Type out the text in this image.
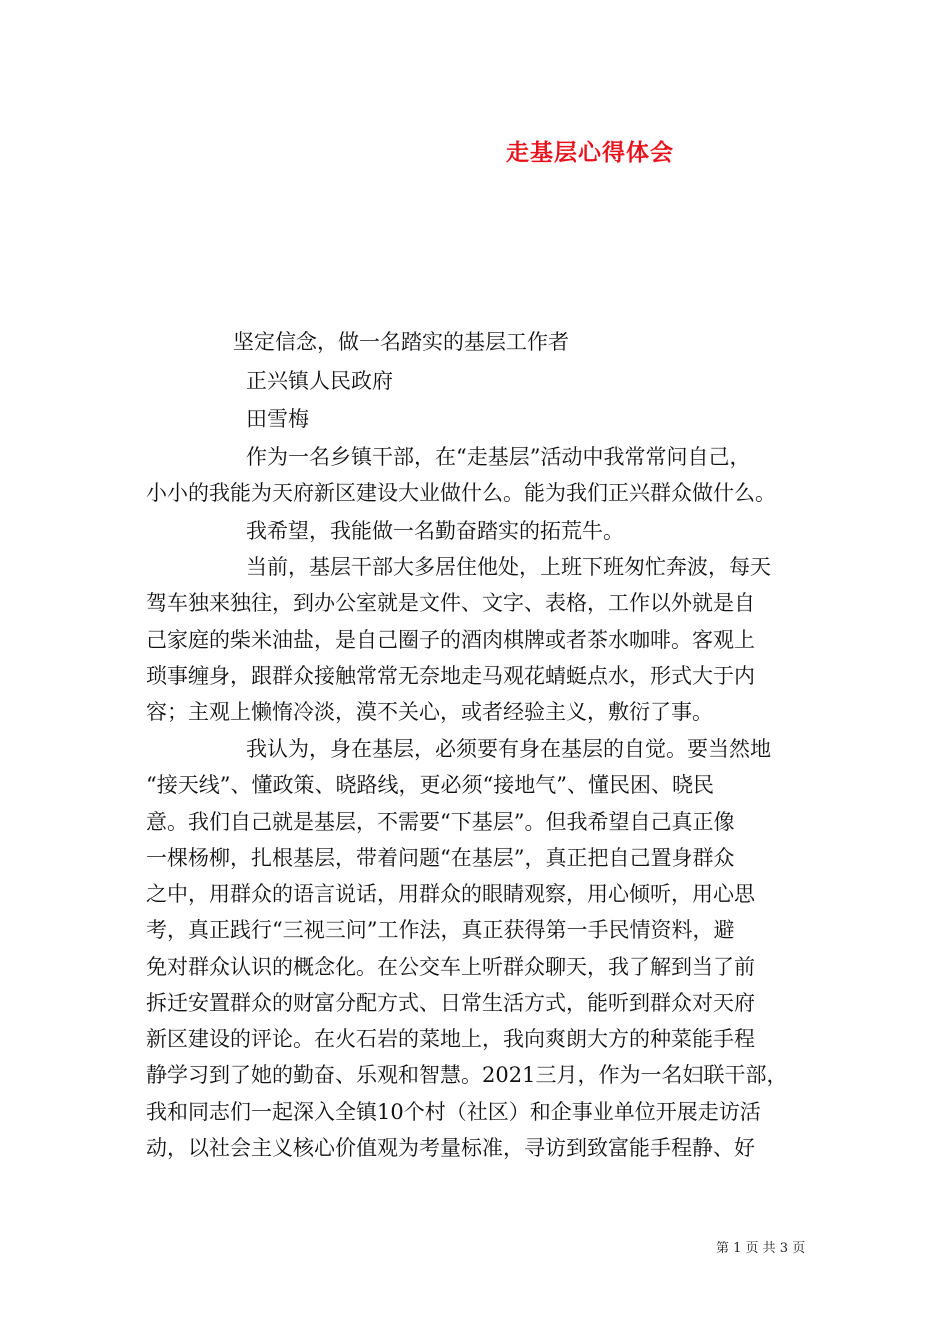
走基层心得体会
坚定信念，做一名踏实的基层工作者
正兴镇人民政府
田雪梅
作为一名乡镇干部，在“走基层”活动中我常常问自己，
小小的我能为天府新区建设大业做什么。能为我们正兴群众做什么。
我希望，我能做一名勤奋踏实的拓荒牛。
当前，基层干部大多居住他处，上班下班匆忙奔波，每天
驾车独来独往，到办公室就是文件、文字、表格，工作以外就是自
己家庭的柴米油盐，是自己圈子的酒肉棋牌或者茶水咖啡。客观上
琐事缠身，跟群众接触常常无奈地走马观花蜻蜓点水，形式大于内
容；主观上懒惰冷淡，漠不关心，或者经验主义，敷衍了事。
我认为，身在基层，必须要有身在基层的自觉。要当然地
“接天线”、懂政策、晓路线，更必须“接地气”、懂民困、晓民
意。我们自己就是基层，不需要“下基层”。但我希望自己真正像
一棵杨柳，扎根基层，带着问题“在基层”，真正把自己置身群众
之中，用群众的语言说话，用群众的眼睛观察，用心倾听，用心思
考，真正践行“三视三问”工作法，真正获得第一手民情资料，避
免对群众认识的概念化。在公交车上听群众聊天，我了解到当了前
拆迁安置群众的财富分配方式、日常生活方式，能听到群众对天府
新区建设的评论。在火石岩的菜地上，我向爽朗大方的种菜能手程
静学习到了她的勤奋、乐观和智慧。2021三月，作为一名妇联干部，
我和同志们一起深入全镇10个村（社区）和企事业单位开展走访活
动，以社会主义核心价值观为考量标准，寻访到致富能手程静、好
第 1 页 共 3 页
